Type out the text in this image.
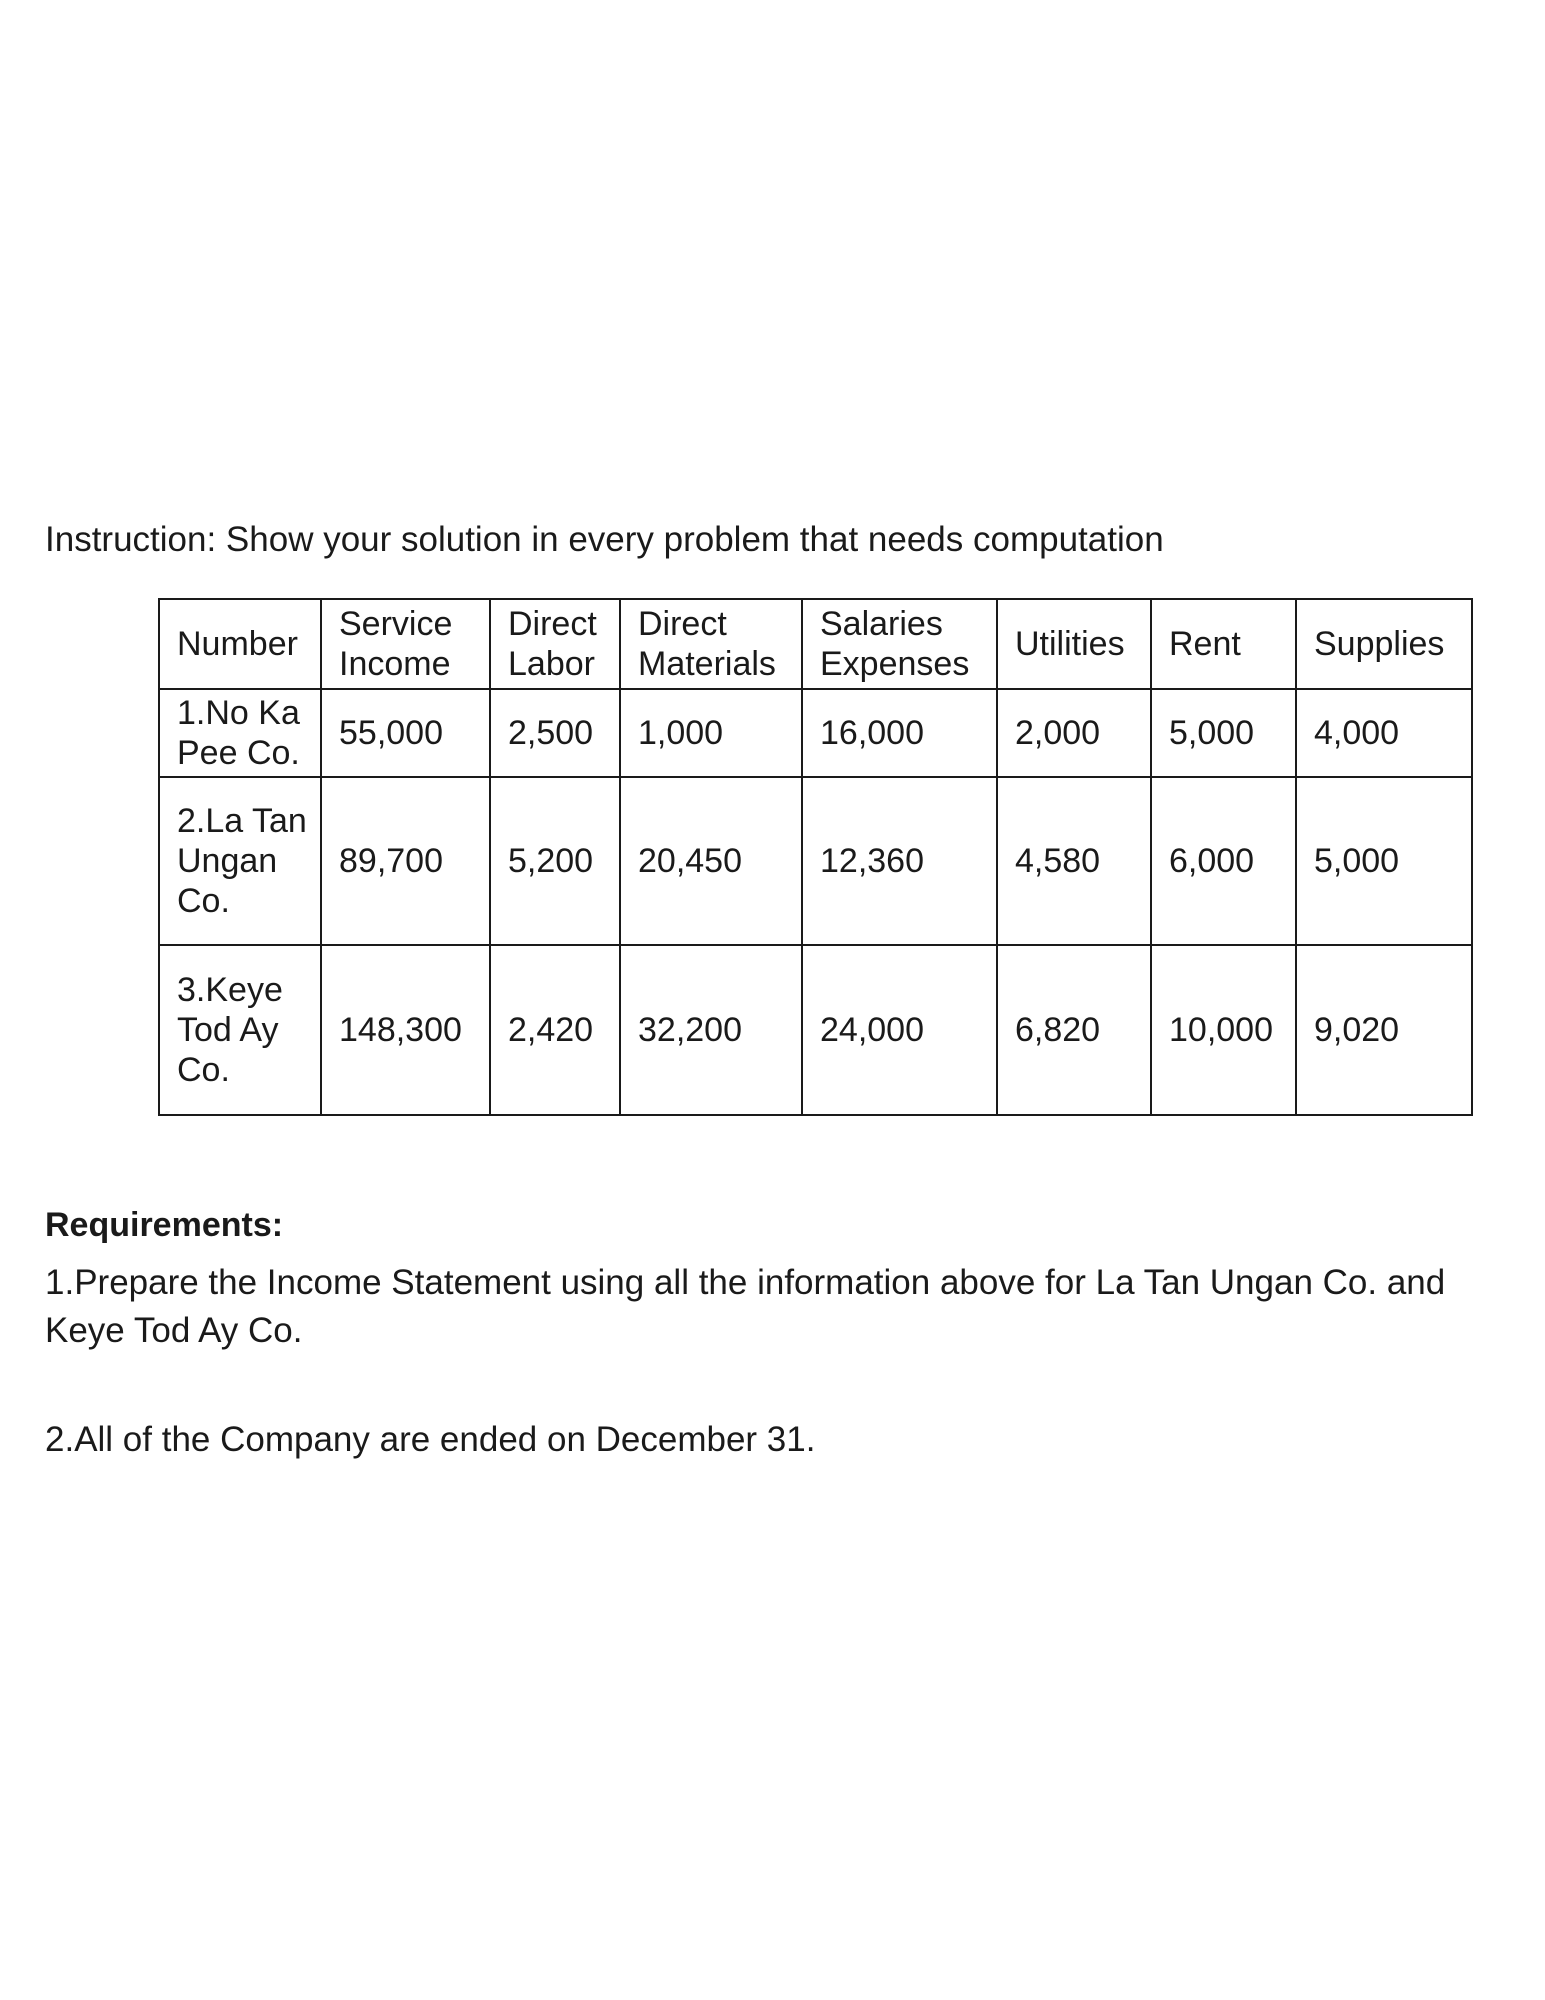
Instruction: Show your solution in every problem that needs computation
Number	Service Income	Direct Labor	Direct Materials	Salaries Expenses	Utilities	Rent	Supplies
1.No Ka Pee Co.	55,000	2,500	1,000	16,000	2,000	5,000	4,000
2.La Tan Ungan Co.	89,700	5,200	20,450	12,360	4,580	6,000	5,000
3.Keye Tod Ay Co.	148,300	2,420	32,200	24,000	6,820	10,000	9,020
Requirements:
1.Prepare the Income Statement using all the information above for La Tan Ungan Co. and Keye Tod Ay Co.
2.All of the Company are ended on December 31.
